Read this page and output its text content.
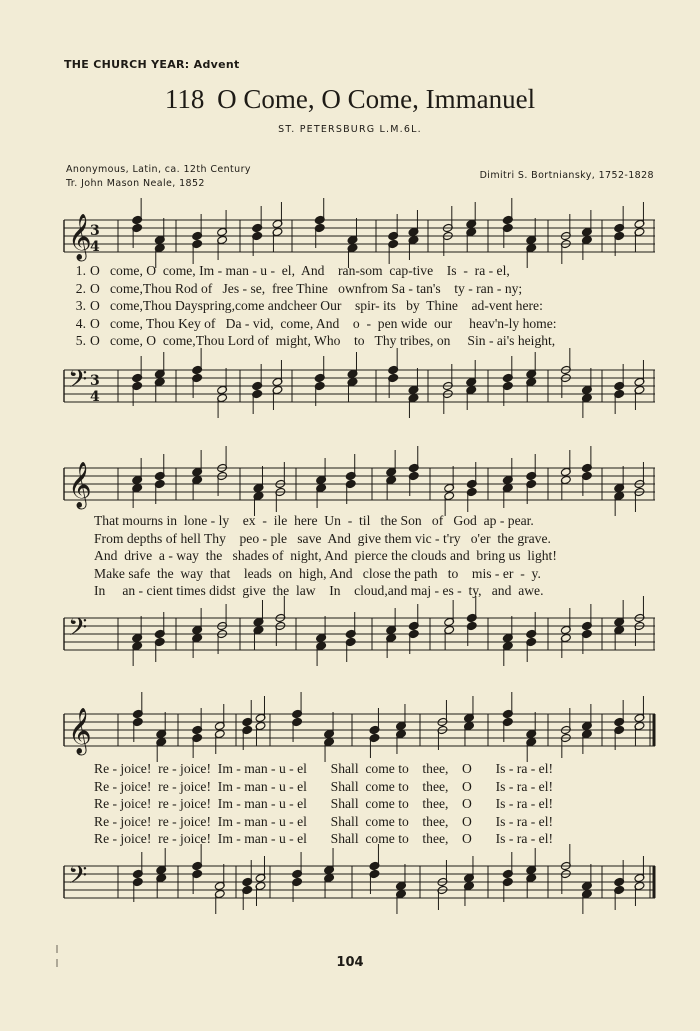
THE CHURCH YEAR: Advent
118 O Come, O Come, Immanuel
ST. PETERSBURG L.M.6L.
Anonymous, Latin, ca. 12th Century
Tr. John Mason Neale, 1852
Dimitri S. Bortniansky, 1752-1828
𝄞
3
4
1. O   come, O  come, Im - man - u -  el,  And    ran-som  cap-tive    Is  -  ra - el,
2. O   come,Thou Rod of   Jes - se,  free Thine   ownfrom Sa - tan's    ty - ran - ny;
3. O   come,Thou Dayspring,come andcheer Our    spir- its   by  Thine    ad-vent here:
4. O   come, Thou Key of   Da - vid,  come, And    o  -  pen wide  our     heav'n-ly home:
5. O   come, O  come,Thou Lord of  might, Who    to   Thy tribes, on     Sin - ai's height,
𝄢 3
4
𝄞
That mourns in  lone - ly    ex  -  ile  here  Un  -  til   the Son   of   God  ap - pear.
From depths of hell Thy    peo - ple   save  And  give them vic - t'ry   o'er  the grave.
And  drive  a - way  the   shades of  night, And  pierce the clouds and  bring us  light!
Make safe  the  way  that    leads  on  high, And   close the path   to    mis - er  -  y.
In     an - cient times didst  give  the  law    In    cloud,and maj - es -  ty,   and  awe.
𝄢
𝄞
Re - joice!  re - joice!  Im - man - u - el       Shall  come to    thee,    O       Is - ra - el!
Re - joice!  re - joice!  Im - man - u - el       Shall  come to    thee,    O       Is - ra - el!
Re - joice!  re - joice!  Im - man - u - el       Shall  come to    thee,    O       Is - ra - el!
Re - joice!  re - joice!  Im - man - u - el       Shall  come to    thee,    O       Is - ra - el!
Re - joice!  re - joice!  Im - man - u - el       Shall  come to    thee,    O       Is - ra - el!
𝄢
104
